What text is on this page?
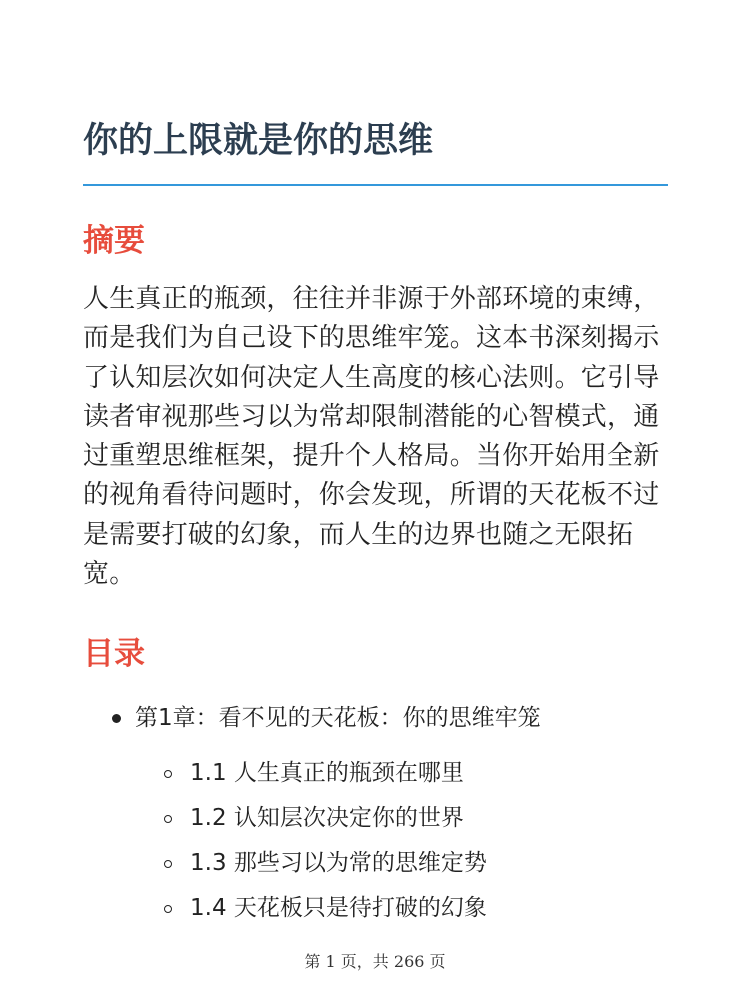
你的上限就是你的思维
摘要

人生真正的瓶颈，往往并非源于外部环境的束缚，而是我们为自己设下的思维牢笼。这本书深刻揭示了认知层次如何决定人生高度的核心法则。它引导读者审视那些习以为常却限制潜能的心智模式，通过重塑思维框架，提升个人格局。当你开始用全新的视角看待问题时，你会发现，所谓的天花板不过是需要打破的幻象，而人生的边界也随之无限拓宽。

目录
第1章：看不见的天花板：你的思维牢笼
1.1 人生真正的瓶颈在哪里
1.2 认知层次决定你的世界
1.3 那些习以为常的思维定势
1.4 天花板只是待打破的幻象
第 1 页，共 266 页
